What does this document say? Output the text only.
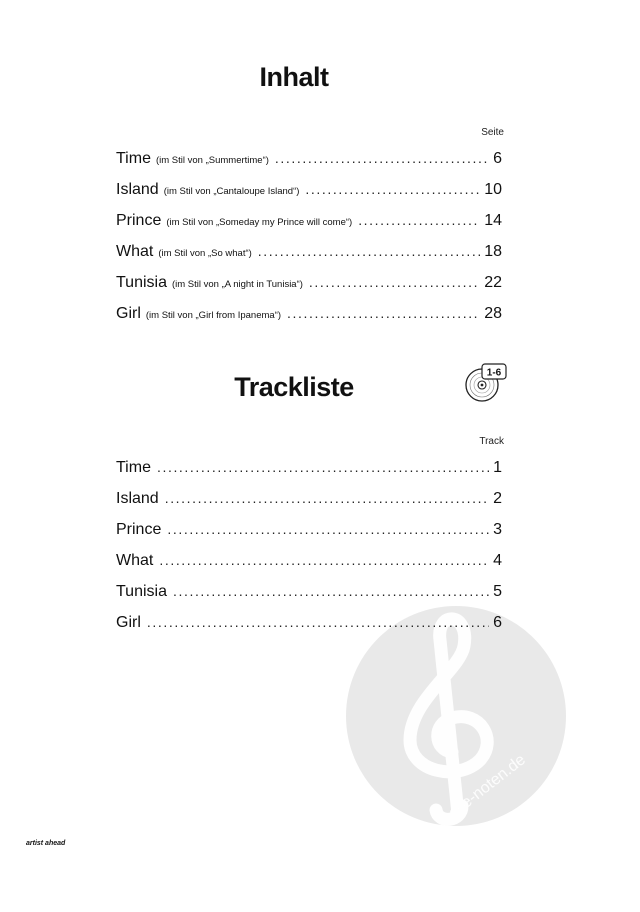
alle-noten.de
Inhalt
Seite
Time (im Stil von „Summertime“) .....	6
Island (im Stil von „Cantaloupe Island“) .....	10
Prince (im Stil von „Someday my Prince will come“) .....	14
What (im Stil von „So what“) .....	18
Tunisia (im Stil von „A night in Tunisia“) .....	22
Girl (im Stil von „Girl from Ipanema“) .....	28
Trackliste	1-6
Track
Time .....	1
Island .....	2
Prince .....	3
What .....	4
Tunisia .....	5
Girl .....	6
artist ahead
